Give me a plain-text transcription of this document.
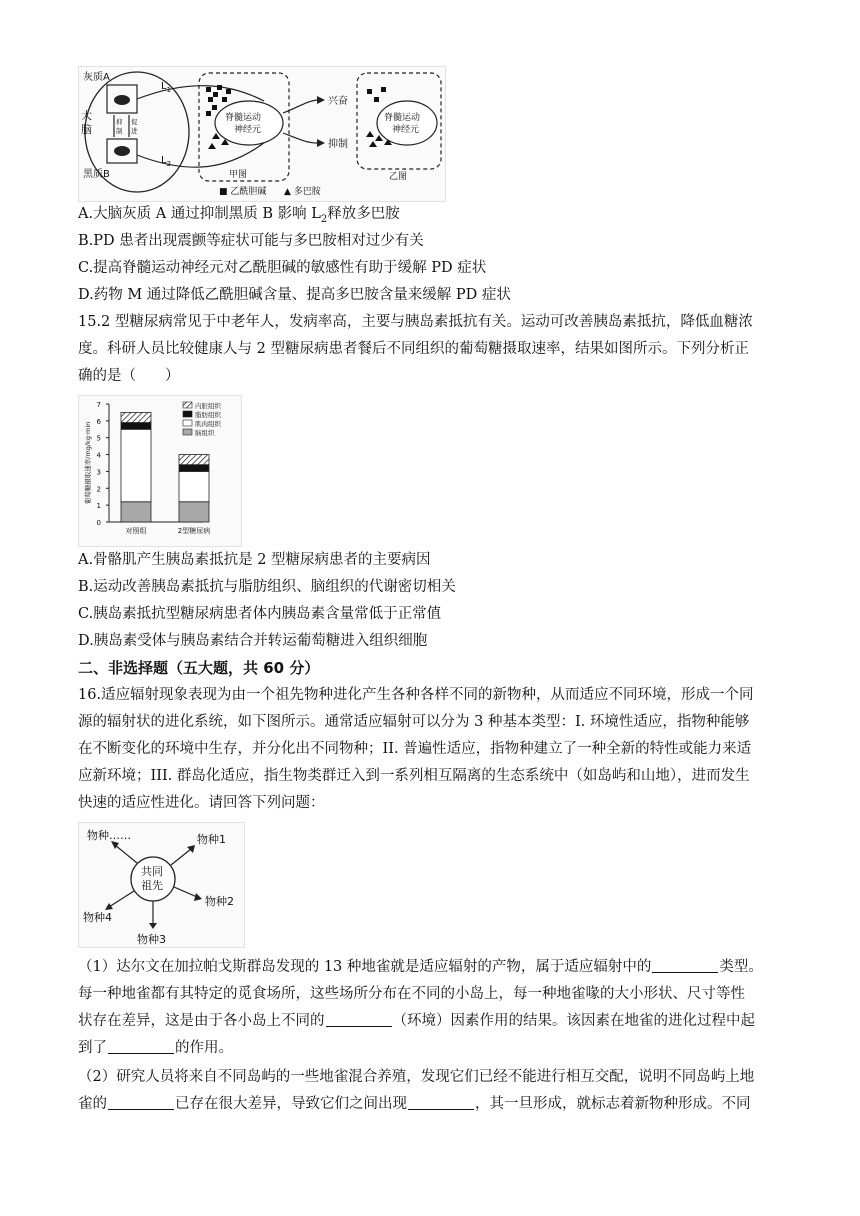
灰质A
大
脑
抑
制
促
进
黑质B
$L_1$
$L_2$
脊髓运动
神经元
兴奋
抑制
甲图
脊髓运动
神经元
乙图
■ 乙酰胆碱 ▲ 多巴胺
A.大脑灰质 A 通过抑制黑质 B 影响 $L_2$释放多巴胺
B.PD 患者出现震颤等症状可能与多巴胺相对过少有关
C.提高脊髓运动神经元对乙酰胆碱的敏感性有助于缓解 PD 症状
D.药物 M 通过降低乙酰胆碱含量、提高多巴胺含量来缓解 PD 症状
15.2 型糖尿病常见于中老年人，发病率高，主要与胰岛素抵抗有关。运动可改善胰岛素抵抗，降低血糖浓
度。科研人员比较健康人与 2 型糖尿病患者餐后不同组织的葡萄糖摄取速率，结果如图所示。下列分析正
确的是（　　）
0
1
2
3
4
5
6
7
葡萄糖摄取速率/mg/kg·min
对照组	2型糖尿病
内脏组织
脂肪组织
肌肉组织
脑组织
A.骨骼肌产生胰岛素抵抗是 2 型糖尿病患者的主要病因
B.运动改善胰岛素抵抗与脂肪组织、脑组织的代谢密切相关
C.胰岛素抵抗型糖尿病患者体内胰岛素含量常低于正常值
D.胰岛素受体与胰岛素结合并转运葡萄糖进入组织细胞
二、非选择题（五大题，共 60 分）
16.适应辐射现象表现为由一个祖先物种进化产生各种各样不同的新物种，从而适应不同环境，形成一个同
源的辐射状的进化系统，如下图所示。通常适应辐射可以分为 3 种基本类型：I. 环境性适应，指物种能够
在不断变化的环境中生存，并分化出不同物种；II. 普遍性适应，指物种建立了一种全新的特性或能力来适
应新环境；III. 群岛化适应，指生物类群迁入到一系列相互隔离的生态系统中（如岛屿和山地），进而发生
快速的适应性进化。请回答下列问题：
共同
祖先
物种……	物种1
物种2
物种3
物种4
（1）达尔文在加拉帕戈斯群岛发现的 13 种地雀就是适应辐射的产物，属于适应辐射中的	类型。
每一种地雀都有其特定的觅食场所，这些场所分布在不同的小岛上，每一种地雀喙的大小形状、尺寸等性
状存在差异，这是由于各小岛上不同的	（环境）因素作用的结果。该因素在地雀的进化过程中起
到了	的作用。
（2）研究人员将来自不同岛屿的一些地雀混合养殖，发现它们已经不能进行相互交配，说明不同岛屿上地
雀的	已存在很大差异，导致它们之间出现	，其一旦形成，就标志着新物种形成。不同
